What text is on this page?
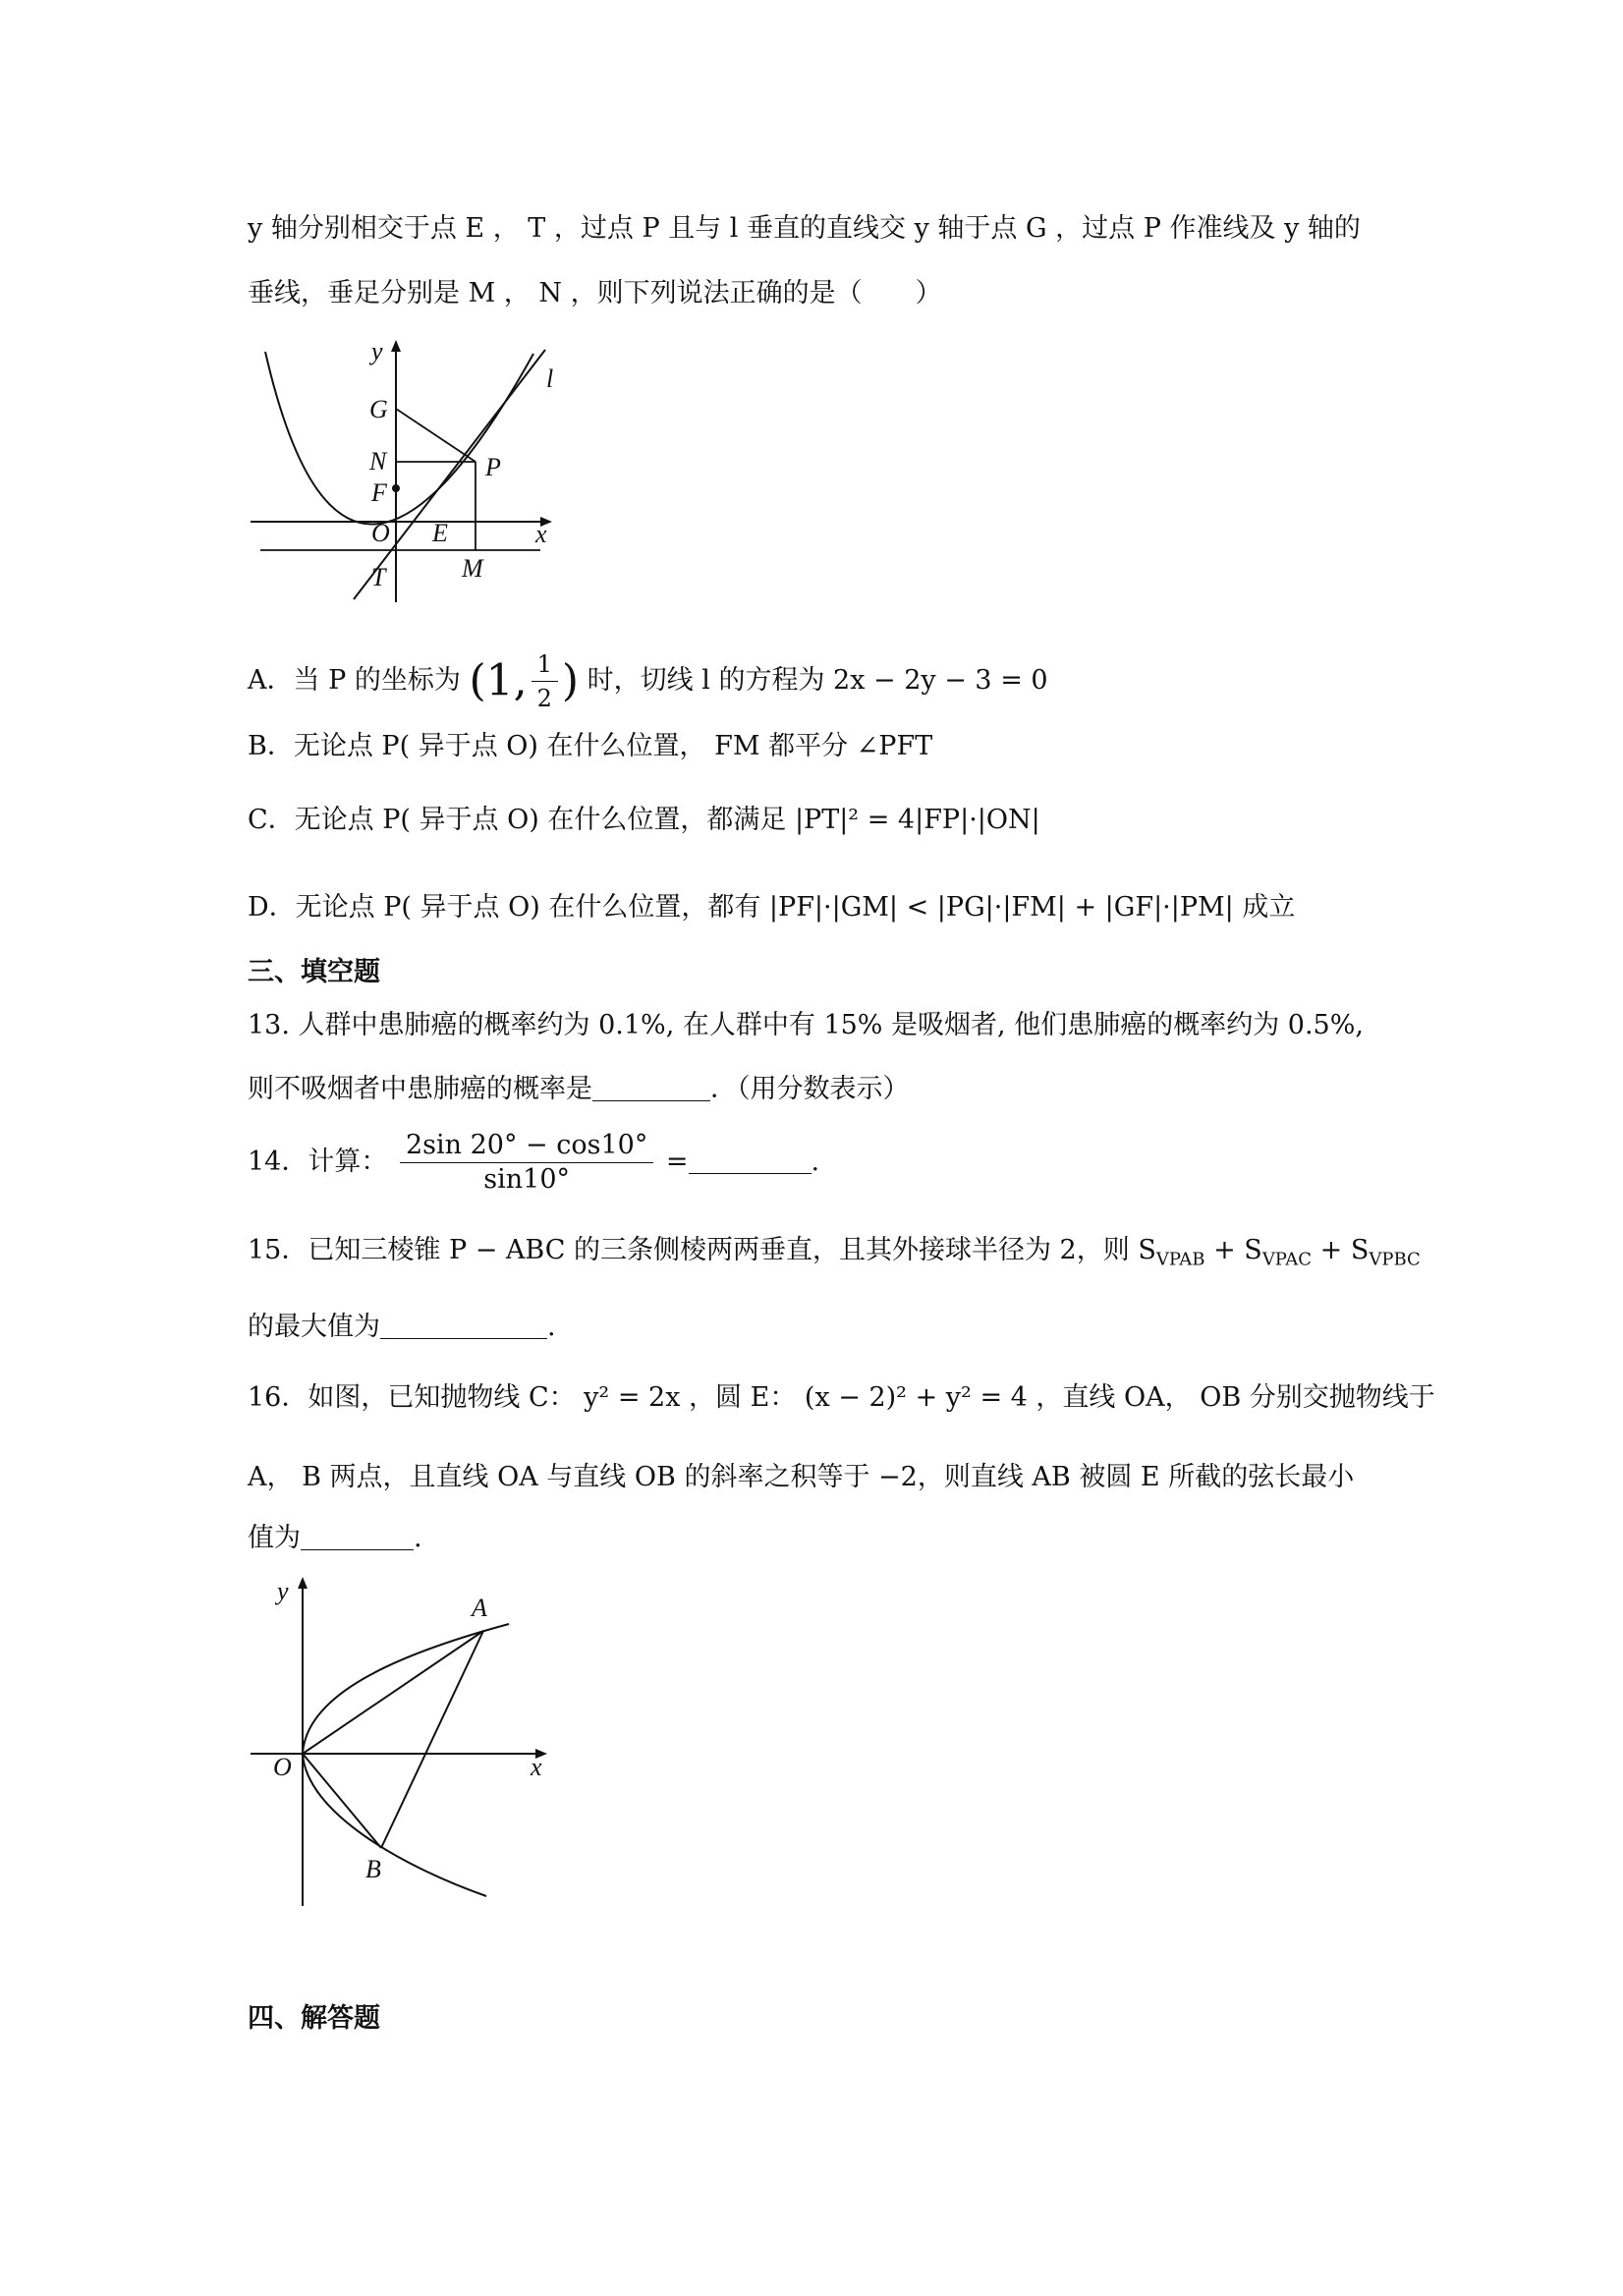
y 轴分别相交于点 E ， T ，过点 P 且与 l 垂直的直线交 y 轴于点 G ，过点 P 作准线及 y 轴的
垂线，垂足分别是 M ， N ，则下列说法正确的是（　　）
y
l
G
N	P
F
O E	x
T	M
A．当 P 的坐标为 (1, $\frac{1}{2}$ ) 时，切线 l 的方程为 2x − 2y − 3 = 0
B．无论点 P( 异于点 O) 在什么位置， FM 都平分 ∠PFT
C．无论点 P( 异于点 O) 在什么位置，都满足 |PT|² = 4|FP|·|ON|
D．无论点 P( 异于点 O) 在什么位置，都有 |PF|·|GM| < |PG|·|FM| + |GF|·|PM| 成立
三、填空题
13. 人群中患肺癌的概率约为 0.1%, 在人群中有 15% 是吸烟者, 他们患肺癌的概率约为 0.5%,
则不吸烟者中患肺癌的概率是	．（用分数表示）
14．计算： $\frac{2\sin 20^\circ - \cos 10^\circ}{\sin 10^\circ}$ =	.
15．已知三棱锥 P − ABC 的三条侧棱两两垂直，且其外接球半径为 2，则 $S_{VPAB} + S_{VPAC} + S_{VPBC}$
的最大值为	.
16．如图，已知抛物线 C： y² = 2x ，圆 E： (x − 2)² + y² = 4 ，直线 OA， OB 分别交抛物线于
A， B 两点，且直线 OA 与直线 OB 的斜率之积等于 −2，则直线 AB 被圆 E 所截的弦长最小
值为	.
y
A
O	x
B
四、解答题
